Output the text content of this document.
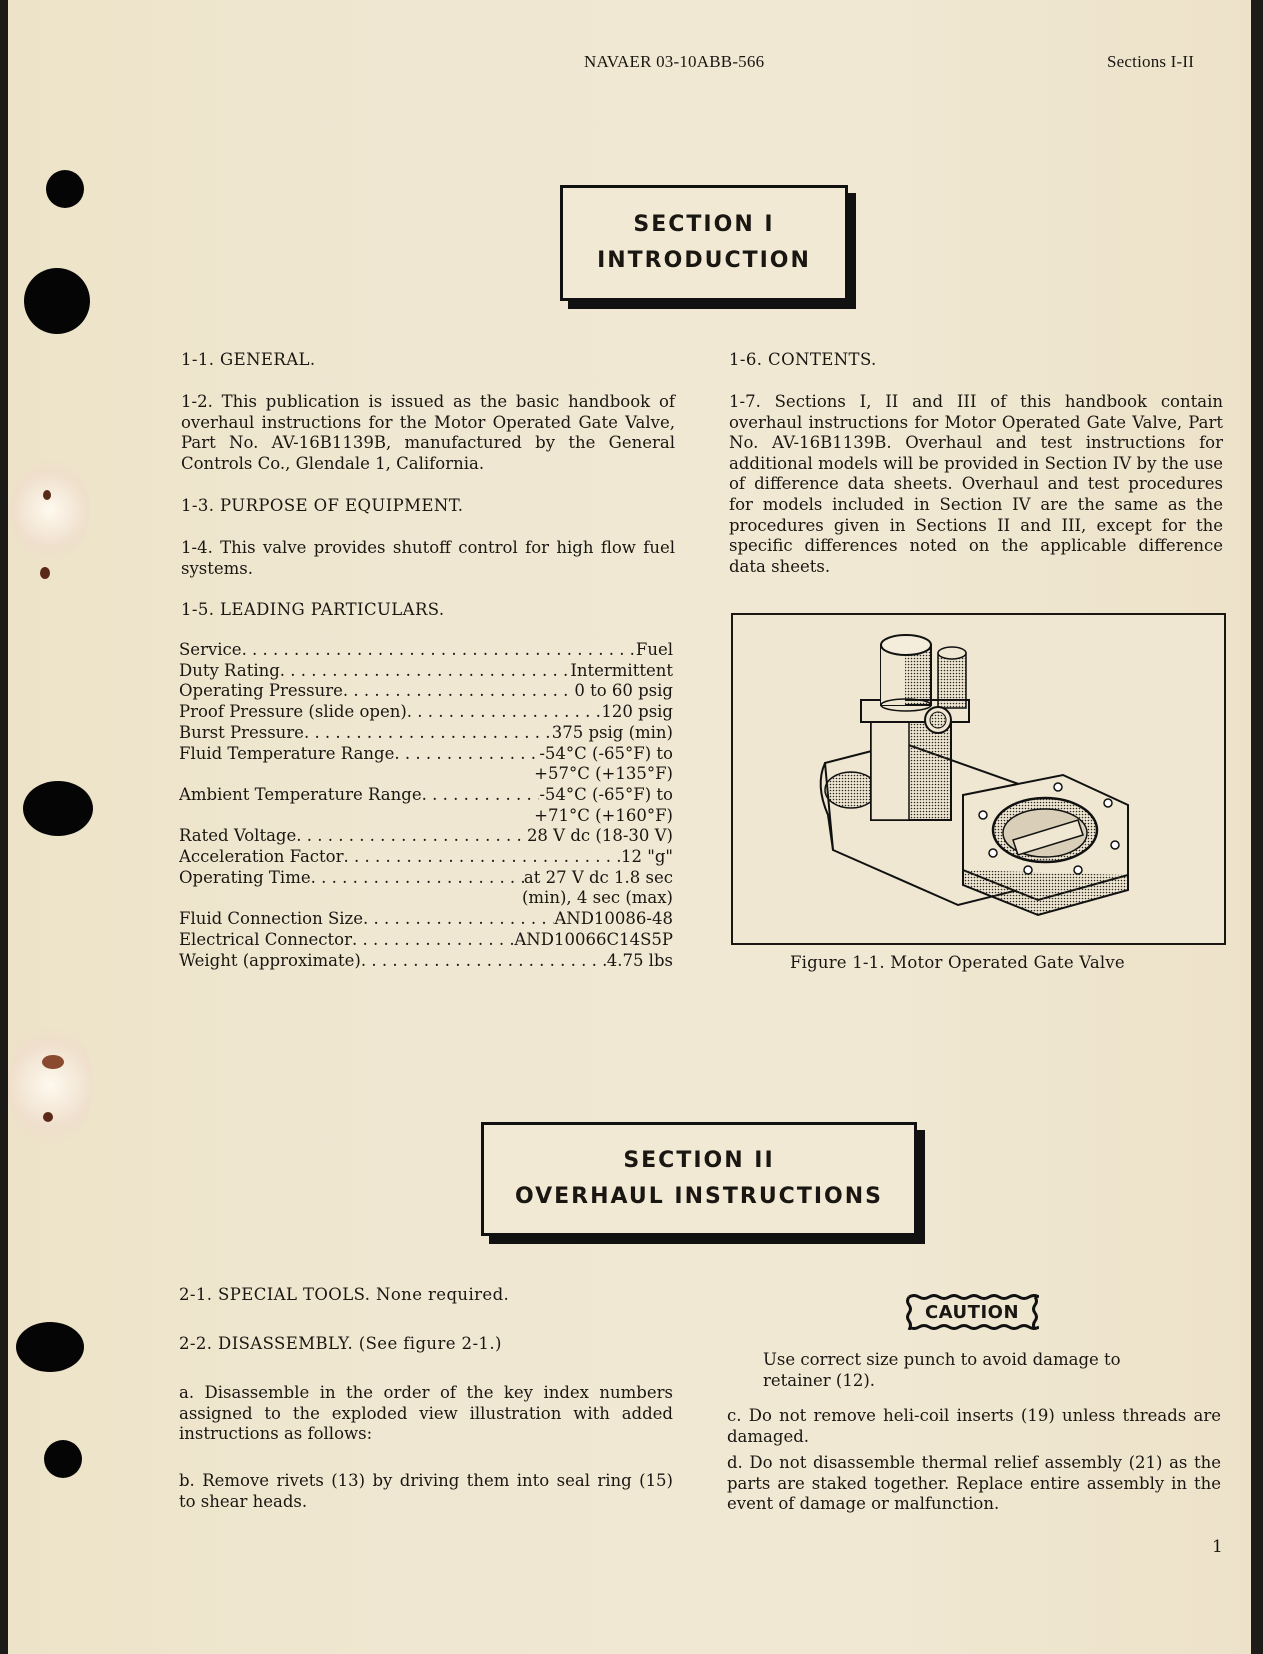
NAVAER 03-10ABB-566	Sections I-II
SECTION I
INTRODUCTION
1-1. GENERAL.

1-2. This publication is issued as the basic handbook of overhaul instructions for the Motor Operated Gate Valve, Part No. AV-16B1139B, manufactured by the General Controls Co., Glendale 1, California.

1-3. PURPOSE OF EQUIPMENT.

1-4. This valve provides shutoff control for high flow fuel systems.

1-5. LEADING PARTICULARS.
Service . . .	Fuel
Duty Rating . . .	Intermittent
Operating Pressure . . .	0 to 60 psig
Proof Pressure (slide open) . . .	120 psig
Burst Pressure . . .	375 psig (min)
Fluid Temperature Range . . .	-54°C (-65°F) to
+57°C (+135°F)
Ambient Temperature Range . . .	-54°C (-65°F) to
+71°C (+160°F)
Rated Voltage . . .	28 V dc (18-30 V)
Acceleration Factor . . .	12 "g"
Operating Time . . .	at 27 V dc 1.8 sec
(min), 4 sec (max)
Fluid Connection Size . . .	AND10086-48
Electrical Connector . . .	AND10066C14S5P
Weight (approximate) . . .	4.75 lbs
1-6. CONTENTS.

1-7. Sections I, II and III of this handbook contain overhaul instructions for Motor Operated Gate Valve, Part No. AV-16B1139B. Overhaul and test instructions for additional models will be provided in Section IV by the use of difference data sheets. Overhaul and test procedures for models included in Section IV are the same as the procedures given in Sections II and III, except for the specific differences noted on the applicable difference data sheets.

Figure 1-1. Motor Operated Gate Valve
SECTION II
OVERHAUL INSTRUCTIONS
2-1. SPECIAL TOOLS. None required.
2-2. DISASSEMBLY. (See figure 2-1.)

a. Disassemble in the order of the key index numbers assigned to the exploded view illustration with added instructions as follows:

b. Remove rivets (13) by driving them into seal ring (15) to shear heads.

CAUTION

Use correct size punch to avoid damage to retainer (12).

c. Do not remove heli-coil inserts (19) unless threads are damaged.

d. Do not disassemble thermal relief assembly (21) as the parts are staked together. Replace entire assembly in the event of damage or malfunction.

1
